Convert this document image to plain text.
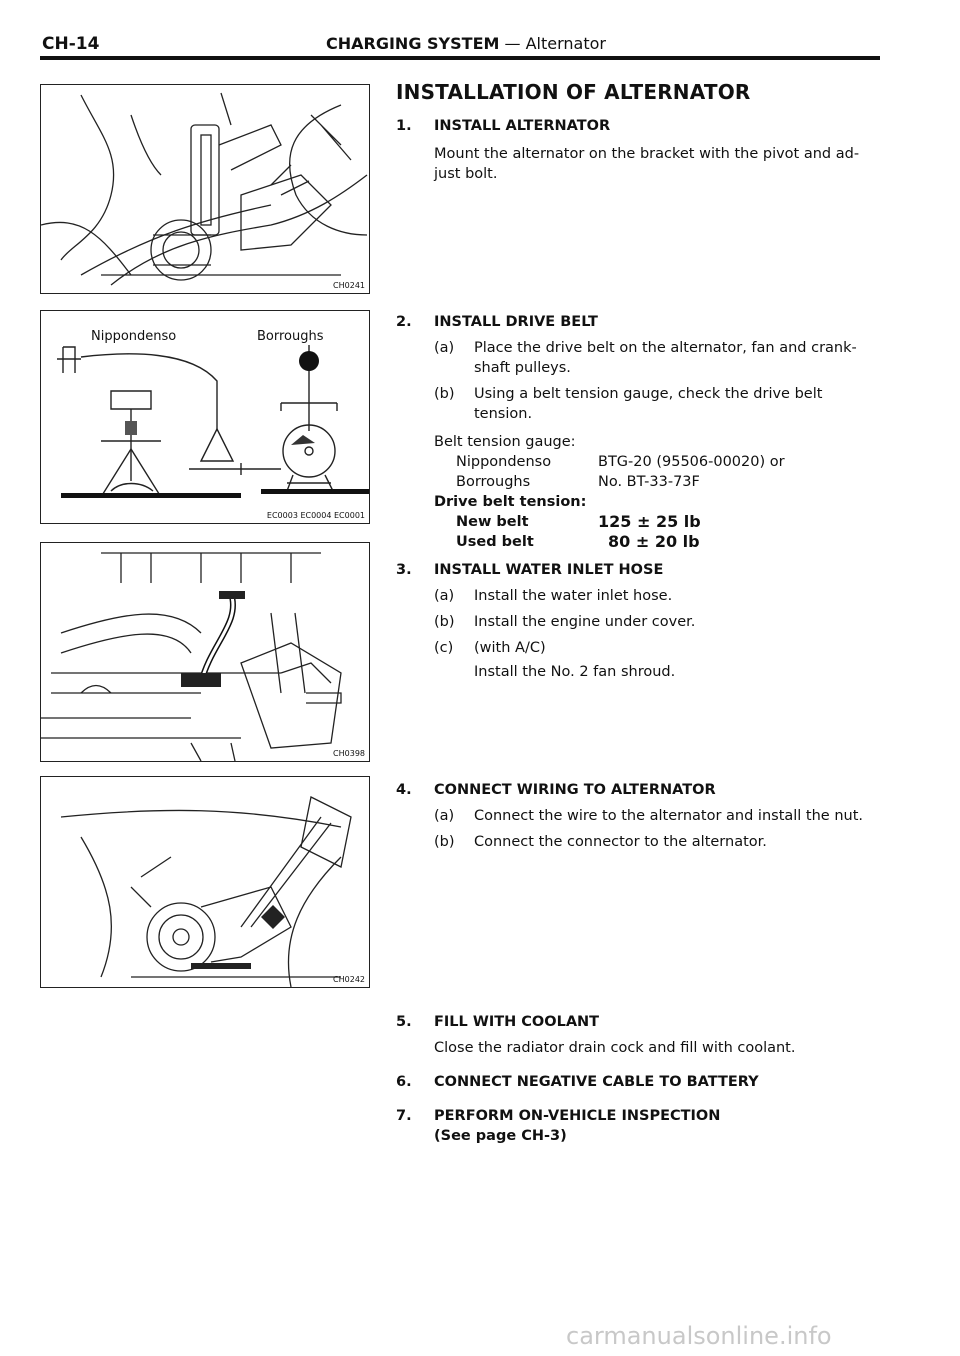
CH-14	CHARGING SYSTEM — Alternator
CH0241
Nippondenso	Borroughs
EC0003 EC0004 EC0001
CH0398
CH0242
INSTALLATION OF ALTERNATOR
1. INSTALL ALTERNATOR
Mount the alternator on the bracket with the pivot and ad-just bolt.
2. INSTALL DRIVE BELT
(a) Place the drive belt on the alternator, fan and crank-shaft pulleys.
(b) Using a belt tension gauge, check the drive belt tension.
Belt tension gauge:
Nippondenso	BTG-20 (95506-00020) or
Borroughs	No. BT-33-73F
Drive belt tension:
New belt	125 ± 25 lb
Used belt	80 ± 20 lb
3. INSTALL WATER INLET HOSE
(a) Install the water inlet hose.
(b) Install the engine under cover.
(c) (with A/C)
Install the No. 2 fan shroud.
4. CONNECT WIRING TO ALTERNATOR
(a) Connect the wire to the alternator and install the nut.
(b) Connect the connector to the alternator.
5. FILL WITH COOLANT
Close the radiator drain cock and fill with coolant.
6. CONNECT NEGATIVE CABLE TO BATTERY
7. PERFORM ON-VEHICLE INSPECTION
(See page CH-3)
carmanualsonline.info
